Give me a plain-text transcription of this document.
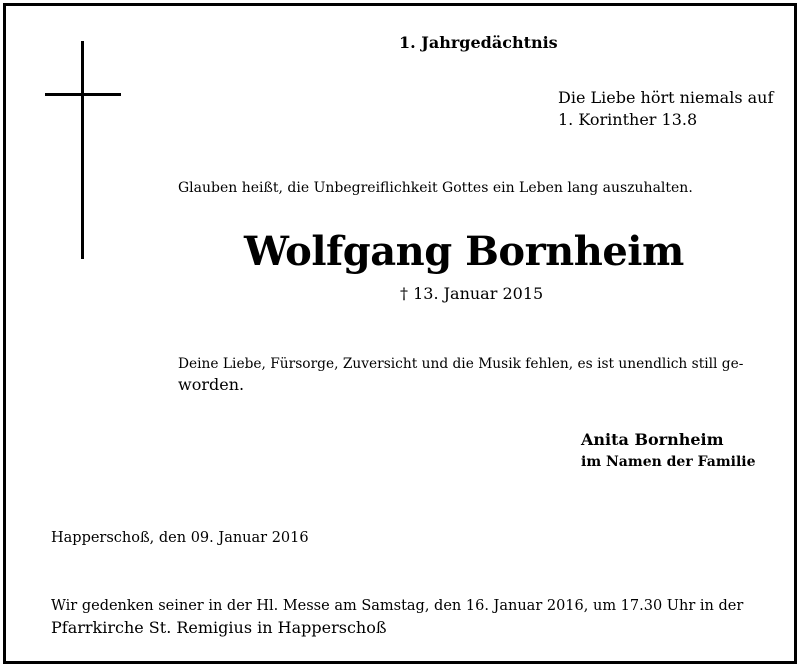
1. Jahrgedächtnis
Die Liebe hört niemals auf
1. Korinther 13.8
Glauben heißt, die Unbegreiflichkeit Gottes ein Leben lang auszuhalten.
Wolfgang Bornheim
† 13. Januar 2015
Deine Liebe, Fürsorge, Zuversicht und die Musik fehlen, es ist unendlich still ge-
worden.
Anita Bornheim
im Namen der Familie
Happerschoß, den 09. Januar 2016
Wir gedenken seiner in der Hl. Messe am Samstag, den 16. Januar 2016, um 17.30 Uhr in der
Pfarrkirche St. Remigius in Happerschoß
